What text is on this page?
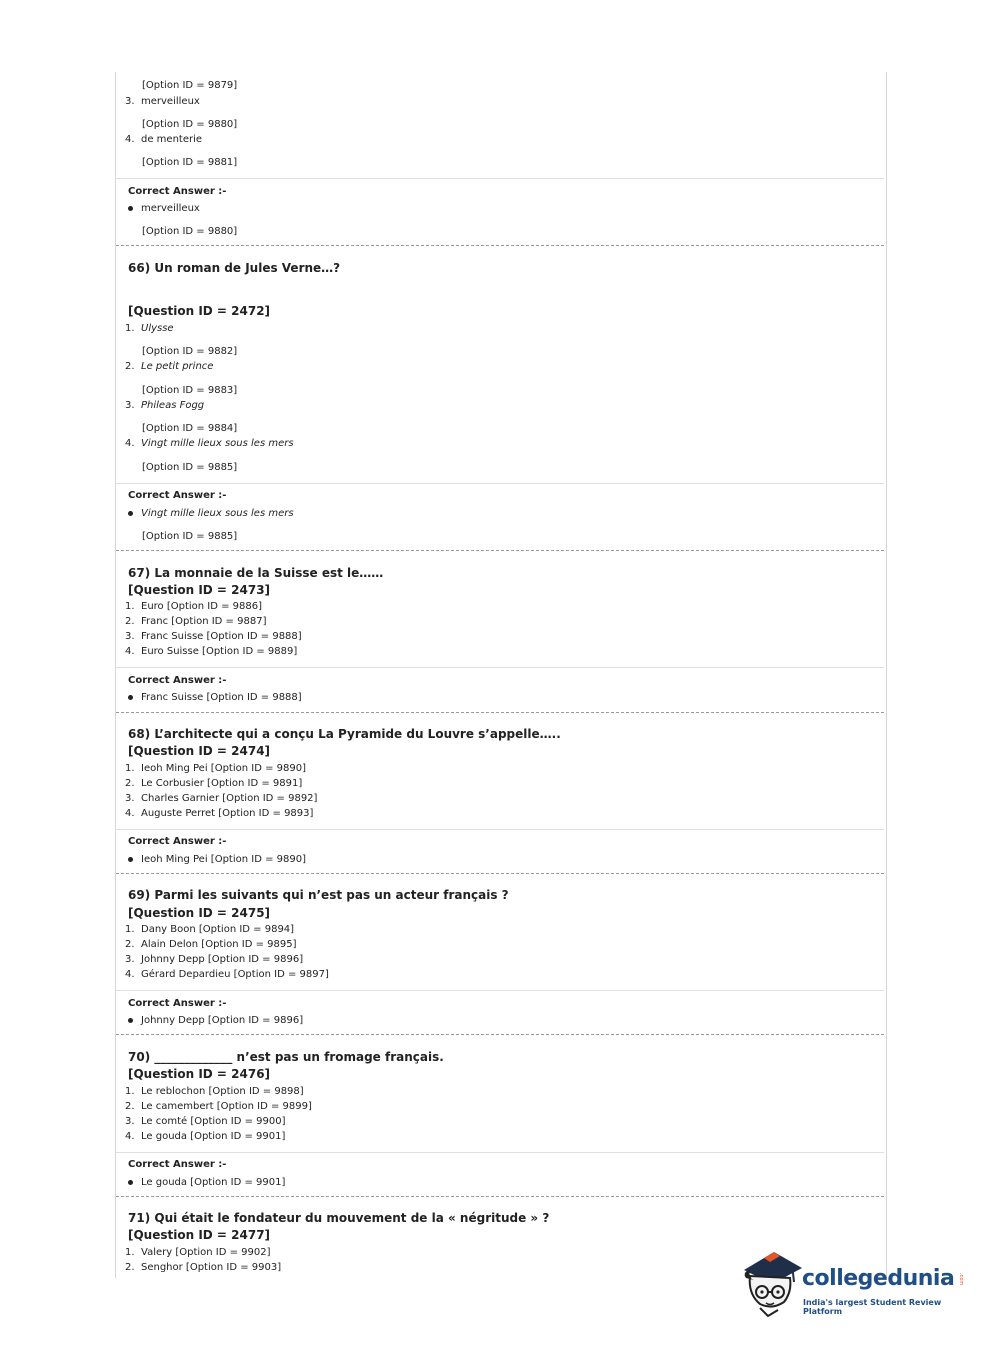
[Option ID = 9879]
3. merveilleux
[Option ID = 9880]
4. de menterie
[Option ID = 9881]
Correct Answer :-
merveilleux
[Option ID = 9880]
66) Un roman de Jules Verne…?
[Question ID = 2472]
1. Ulysse
[Option ID = 9882]
2. Le petit prince
[Option ID = 9883]
3. Phileas Fogg
[Option ID = 9884]
4. Vingt mille lieux sous les mers
[Option ID = 9885]
Correct Answer :-
Vingt mille lieux sous les mers
[Option ID = 9885]
67) La monnaie de la Suisse est le……
[Question ID = 2473]
1. Euro [Option ID = 9886]
2. Franc [Option ID = 9887]
3. Franc Suisse [Option ID = 9888]
4. Euro Suisse [Option ID = 9889]
Correct Answer :-
Franc Suisse [Option ID = 9888]
68) L’architecte qui a conçu La Pyramide du Louvre s’appelle…..
[Question ID = 2474]
1. Ieoh Ming Pei [Option ID = 9890]
2. Le Corbusier [Option ID = 9891]
3. Charles Garnier [Option ID = 9892]
4. Auguste Perret [Option ID = 9893]
Correct Answer :-
Ieoh Ming Pei [Option ID = 9890]
69) Parmi les suivants qui n’est pas un acteur français ?
[Question ID = 2475]
1. Dany Boon [Option ID = 9894]
2. Alain Delon [Option ID = 9895]
3. Johnny Depp [Option ID = 9896]
4. Gérard Depardieu [Option ID = 9897]
Correct Answer :-
Johnny Depp [Option ID = 9896]
70) _____________ n’est pas un fromage français.
[Question ID = 2476]
1. Le reblochon [Option ID = 9898]
2. Le camembert [Option ID = 9899]
3. Le comté [Option ID = 9900]
4. Le gouda [Option ID = 9901]
Correct Answer :-
Le gouda [Option ID = 9901]
71) Qui était le fondateur du mouvement de la « négritude » ?
[Question ID = 2477]
1. Valery [Option ID = 9902]
2. Senghor [Option ID = 9903]	collegedunia .com
India's largest Student Review Platform
